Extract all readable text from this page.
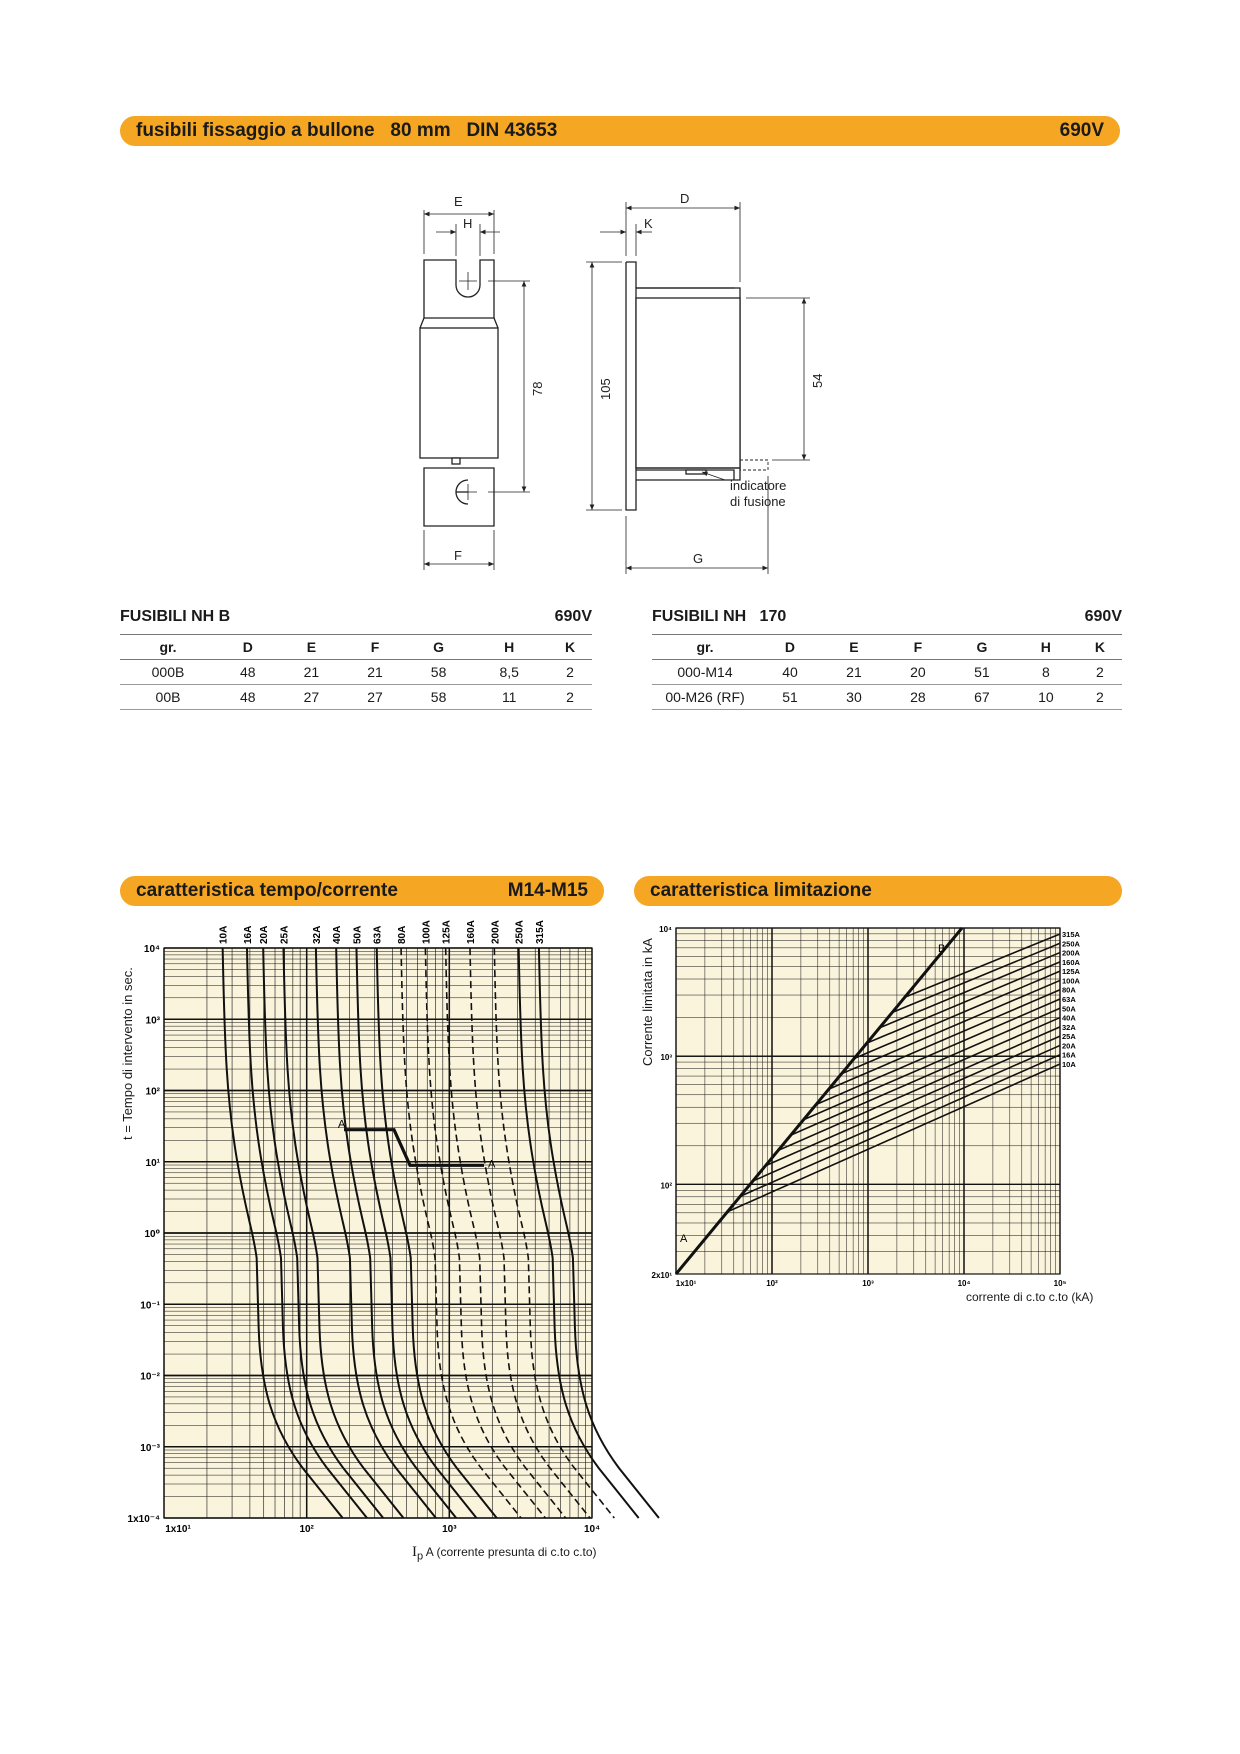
fusibili fissaggio a bullone   80 mm   DIN 43653	690V
E
H
F
D
K
G
78	105	54
indicatore
di fusione
FUSIBILI NH B	690V
gr.	D	E	F	G	H	K
000B	48	21	21	58	8,5	2
00B	48	27	27	58	11	2
FUSIBILI NH   170	690V
gr.	D	E	F	G	H	K
000-M14	40	21	20	51	8	2
00-M26 (RF)	51	30	28	67	10	2
caratteristica tempo/corrente	M14-M15	caratteristica limitazione
10⁴
10³
10²
10¹
10⁰
10⁻¹
10⁻²
10⁻³
1x10⁻⁴
1x10¹	10²	10³	10⁴
10A 16A 20A 25A 32A 40A 50A 63A 80A 100A 125A 160A 200A 250A 315A
A
A
t = Tempo di intervento in sec.
$I_p$ A (corrente presunta di c.to c.to)
10⁴
10³
10²
2x10¹
1x10¹	10²	10³	10⁴	10⁵
A
B
315A
250A
200A
160A
125A
100A
80A
63A
50A
40A
32A
25A
20A
16A
10A
Corrente limitata in kA
corrente di c.to c.to (kA)
